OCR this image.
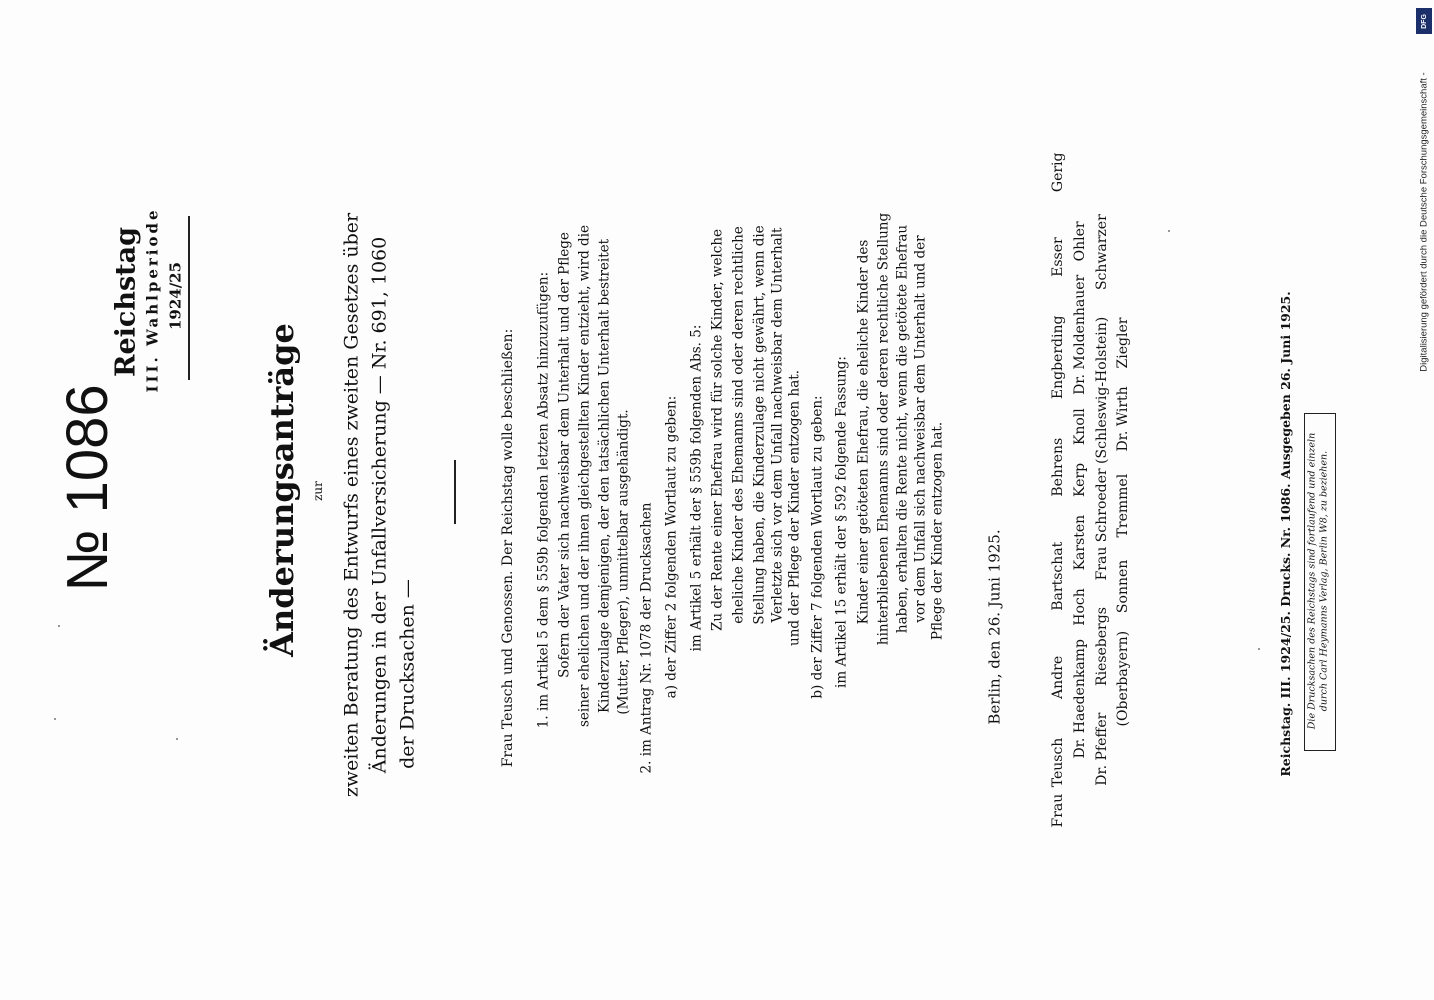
№ 1086
Reichstag III. Wahlperiode 1924/25
Änderungsanträge zur zweiten Beratung des Entwurfs eines zweiten Gesetzes über Änderungen in der Unfallversicherung — Nr. 691, 1060 der Drucksachen —	Frau Teusch und Genossen. Der Reichstag wolle beschließen: 1. im Artikel 5 dem § 559b folgenden letzten Absatz hinzuzufügen: Sofern der Vater sich nachweisbar dem Unterhalt und der Pflege seiner ehelichen und der ihnen gleichgestellten Kinder entzieht, wird die Kinderzulage demjenigen, der den tatsächlichen Unterhalt bestreitet (Mutter, Pfleger), unmittelbar ausgehändigt. 2. im Antrag Nr. 1078 der Drucksachen a) der Ziffer 2 folgenden Wortlaut zu geben: im Artikel 5 erhält der § 559b folgenden Abs. 5: Zu der Rente einer Ehefrau wird für solche Kinder, welche eheliche Kinder des Ehemanns sind oder deren rechtliche Stellung haben, die Kinderzulage nicht gewährt, wenn die Verletzte sich vor dem Unfall nachweisbar dem Unterhalt und der Pflege der Kinder entzogen hat. b) der Ziffer 7 folgenden Wortlaut zu geben: im Artikel 15 erhält der § 592 folgende Fassung: Kinder einer getöteten Ehefrau, die eheliche Kinder des hinterbliebenen Ehemanns sind oder deren rechtliche Stellung haben, erhalten die Rente nicht, wenn die getötete Ehefrau vor dem Unfall sich nachweisbar dem Unterhalt und der Pflege der Kinder entzogen hat.	Berlin, den 26. Juni 1925.
Frau Teusch      Andre       Bartschat       Behrens      Engberding      Esser       Gerig
Dr. Haedenkamp   Hoch    Karsten    Kerp    Knoll   Dr. Moldenhauer   Ohler
Dr. Pfeffer      Riesebergs      Frau Schroeder (Schleswig-Holstein)      Schwarzer
(Oberbayern)    Sonnen     Tremmel     Dr. Wirth    Ziegler	Reichstag. III. 1924/25. Drucks. Nr. 1086. Ausgegeben 26. Juni 1925. Die Drucksachen des Reichstags sind fortlaufend und einzeln durch Carl Heymanns Verlag, Berlin W8, zu beziehen.
Digitalisierung gefördert durch die Deutsche Forschungsgemeinschaft -
DFG
